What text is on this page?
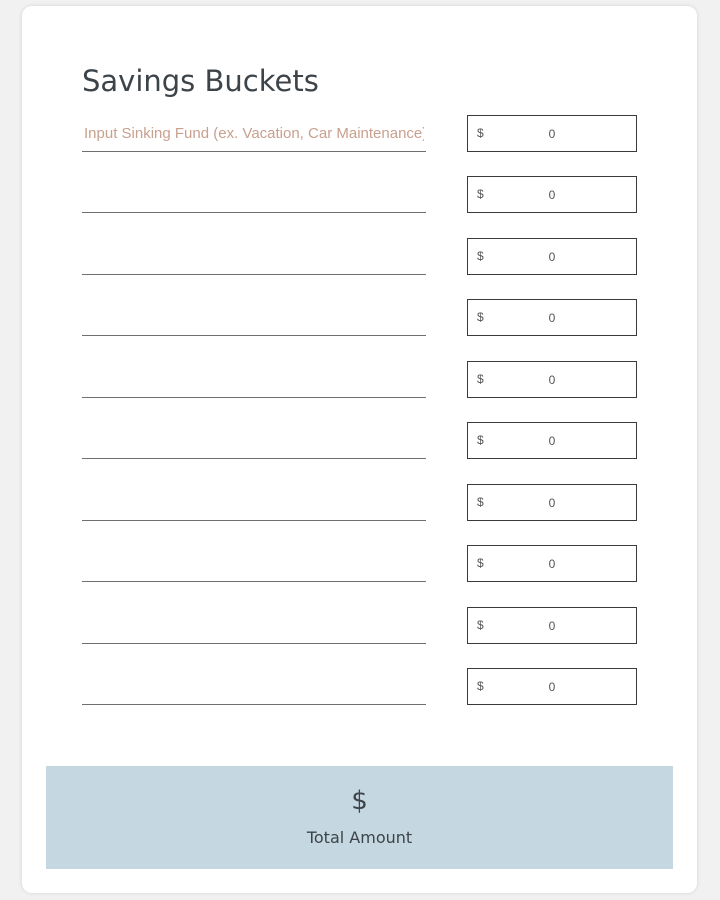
Savings Buckets
Input Sinking Fund (ex. Vacation, Car Maintenance)
$
0
$
0
$
0
$
0
$
0
$
0
$
0
$
0
$
0
$
0
$
Total Amount
